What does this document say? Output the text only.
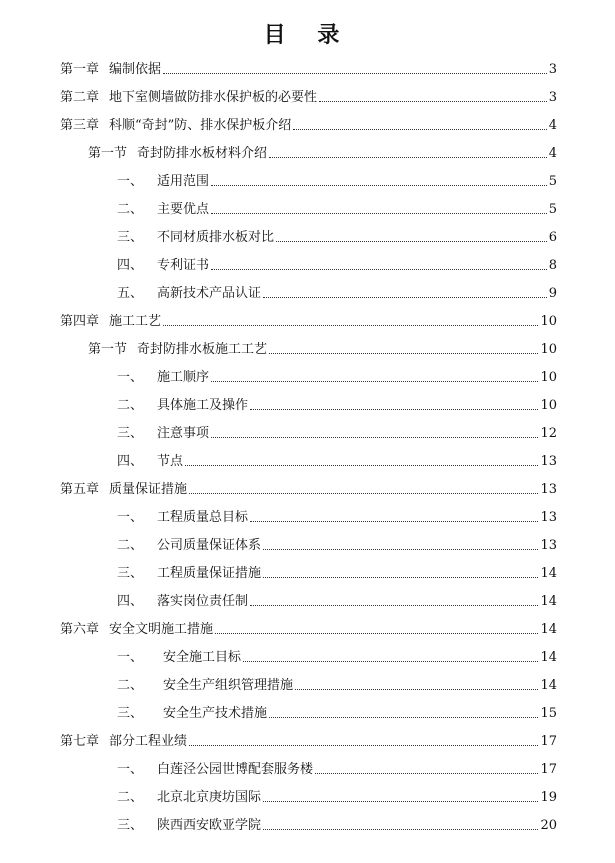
目 录
第一章 编制依据	3
第二章 地下室侧墙做防排水保护板的必要性	3
第三章 科顺“奇封”防、排水保护板介绍	4
第一节 奇封防排水板材料介绍	4
一、 适用范围	5
二、 主要优点	5
三、 不同材质排水板对比	6
四、 专利证书	8
五、 高新技术产品认证	9
第四章 施工工艺	10
第一节 奇封防排水板施工工艺	10
一、 施工顺序	10
二、 具体施工及操作	10
三、 注意事项	12
四、 节点	13
第五章 质量保证措施	13
一、 工程质量总目标	13
二、 公司质量保证体系	13
三、 工程质量保证措施	14
四、 落实岗位责任制	14
第六章 安全文明施工措施	14
一、 安全施工目标	14
二、 安全生产组织管理措施	14
三、 安全生产技术措施	15
第七章 部分工程业绩	17
一、 白莲泾公园世博配套服务楼	17
二、 北京北京庚坊国际	19
三、 陕西西安欧亚学院	20
